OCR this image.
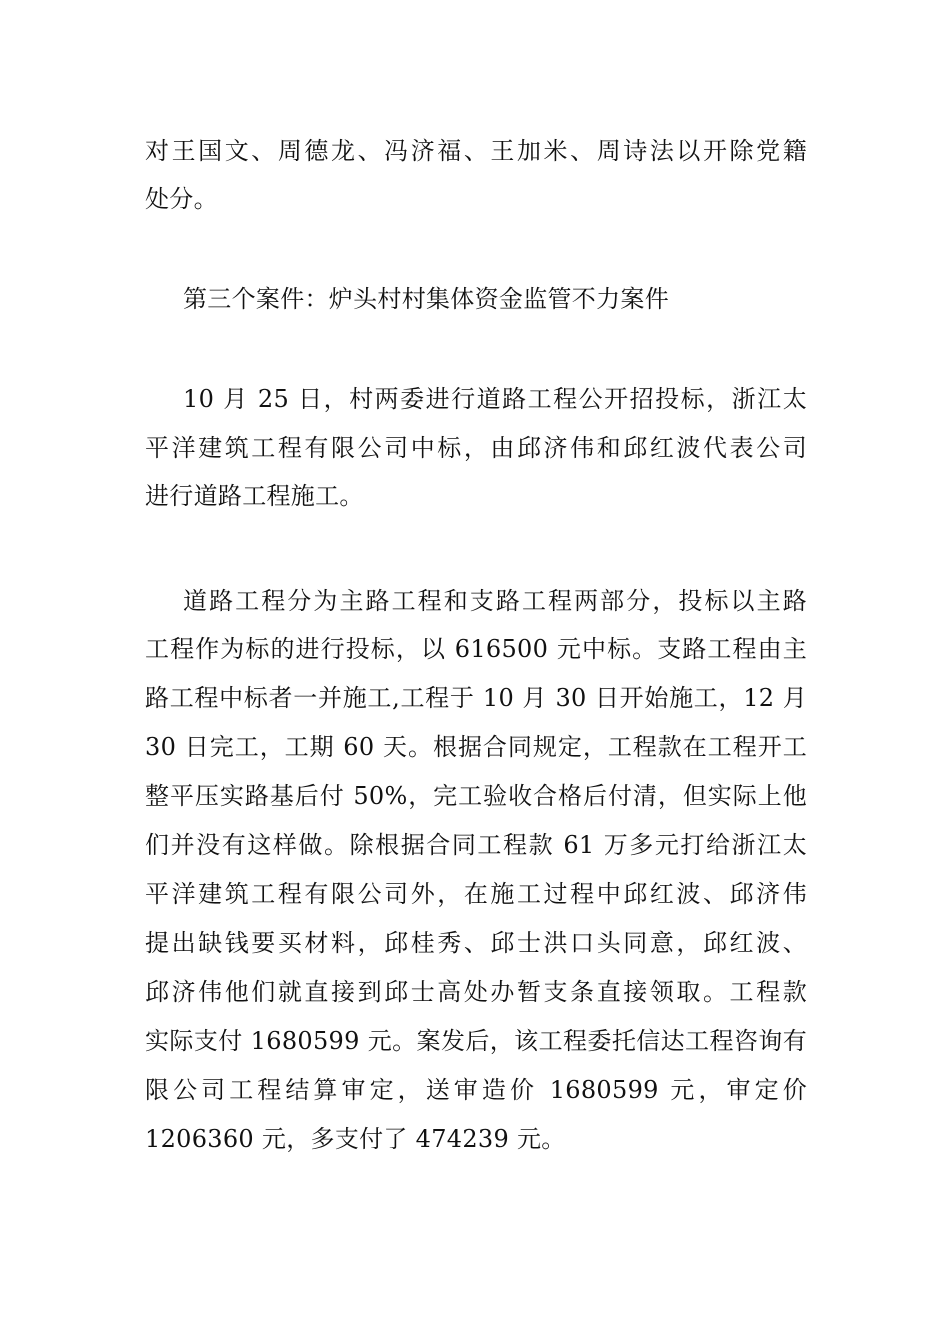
对王国文、周德龙、冯济福、王加米、周诗法以开除党籍
处分。
第三个案件：炉头村村集体资金监管不力案件
10 月 25 日，村两委进行道路工程公开招投标，浙江太
平洋建筑工程有限公司中标，由邱济伟和邱红波代表公司
进行道路工程施工。
道路工程分为主路工程和支路工程两部分，投标以主路
工程作为标的进行投标，以 616500 元中标。支路工程由主
路工程中标者一并施工,工程于 10 月 30 日开始施工，12 月
30 日完工，工期 60 天。根据合同规定，工程款在工程开工
整平压实路基后付 50%，完工验收合格后付清，但实际上他
们并没有这样做。除根据合同工程款 61 万多元打给浙江太
平洋建筑工程有限公司外，在施工过程中邱红波、邱济伟
提出缺钱要买材料，邱桂秀、邱士洪口头同意，邱红波、
邱济伟他们就直接到邱士高处办暂支条直接领取。工程款
实际支付 1680599 元。案发后，该工程委托信达工程咨询有
限公司工程结算审定，送审造价 1680599 元，审定价
1206360 元，多支付了 474239 元。
